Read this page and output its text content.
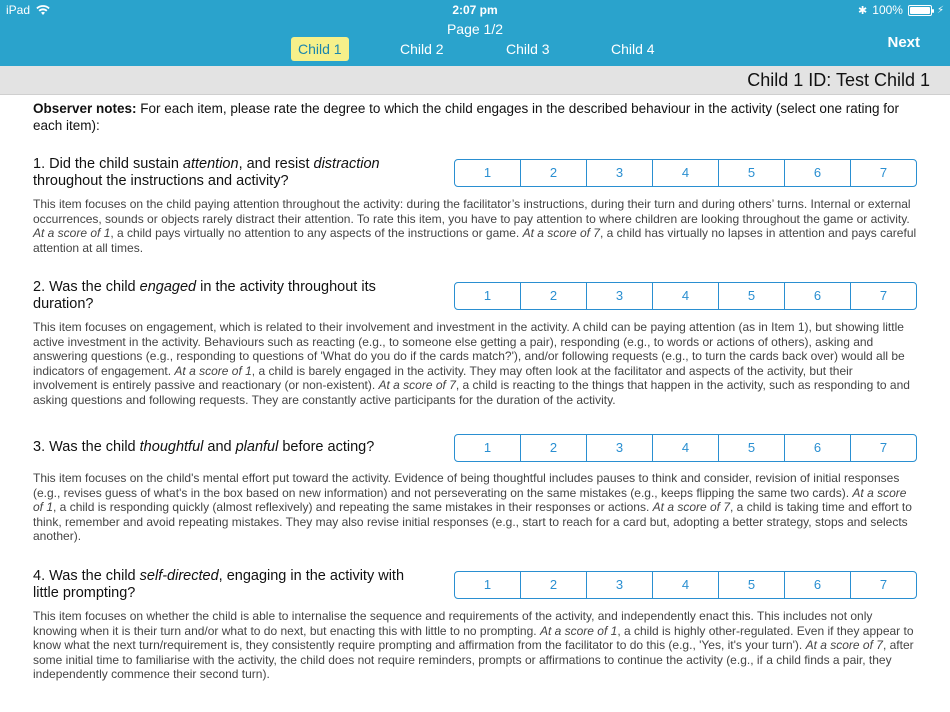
iPad	2:07 pm	✱ 100%	⚡
Page 1/2
Child 1	Child 2	Child 3	Child 4	Next
Child 1 ID: Test Child 1
Observer notes: For each item, please rate the degree to which the child engages in the described behaviour in the activity (select one rating for each item):
1. Did the child sustain attention, and resist distraction throughout the instructions and activity?
1	2	3	4	5	6	7
This item focuses on the child paying attention throughout the activity: during the facilitator’s instructions, during their turn and during others’ turns. Internal or external occurrences, sounds or objects rarely distract their attention. To rate this item, you have to pay attention to where children are looking throughout the game or activity. At a score of 1, a child pays virtually no attention to any aspects of the instructions or game. At a score of 7, a child has virtually no lapses in attention and pays careful attention at all times.
2. Was the child engaged in the activity throughout its duration?
1	2	3	4	5	6	7
This item focuses on engagement, which is related to their involvement and investment in the activity. A child can be paying attention (as in Item 1), but showing little active investment in the activity. Behaviours such as reacting (e.g., to someone else getting a pair), responding (e.g., to words or actions of others), asking and answering questions (e.g., responding to questions of 'What do you do if the cards match?'), and/or following requests (e.g., to turn the cards back over) would all be indicators of engagement. At a score of 1, a child is barely engaged in the activity. They may often look at the facilitator and aspects of the activity, but their involvement is entirely passive and reactionary (or non-existent). At a score of 7, a child is reacting to the things that happen in the activity, such as responding to and asking questions and following requests. They are constantly active participants for the duration of the activity.
3. Was the child thoughtful and planful before acting?	1	2	3	4	5	6	7
This item focuses on the child's mental effort put toward the activity. Evidence of being thoughtful includes pauses to think and consider, revision of initial responses (e.g., revises guess of what's in the box based on new information) and not perseverating on the same mistakes (e.g., keeps flipping the same two cards). At a score of 1, a child is responding quickly (almost reflexively) and repeating the same mistakes in their responses or actions. At a score of 7, a child is taking time and effort to think, remember and avoid repeating mistakes. They may also revise initial responses (e.g., start to reach for a card but, adopting a better strategy, stops and selects another).
4. Was the child self-directed, engaging in the activity with little prompting?
1	2	3	4	5	6	7
This item focuses on whether the child is able to internalise the sequence and requirements of the activity, and independently enact this. This includes not only knowing when it is their turn and/or what to do next, but enacting this with little to no prompting. At a score of 1, a child is highly other-regulated. Even if they appear to know what the next turn/requirement is, they consistently require prompting and affirmation from the facilitator to do this (e.g., 'Yes, it's your turn'). At a score of 7, after some initial time to familiarise with the activity, the child does not require reminders, prompts or affirmations to continue the activity (e.g., if a child finds a pair, they independently commence their second turn).
